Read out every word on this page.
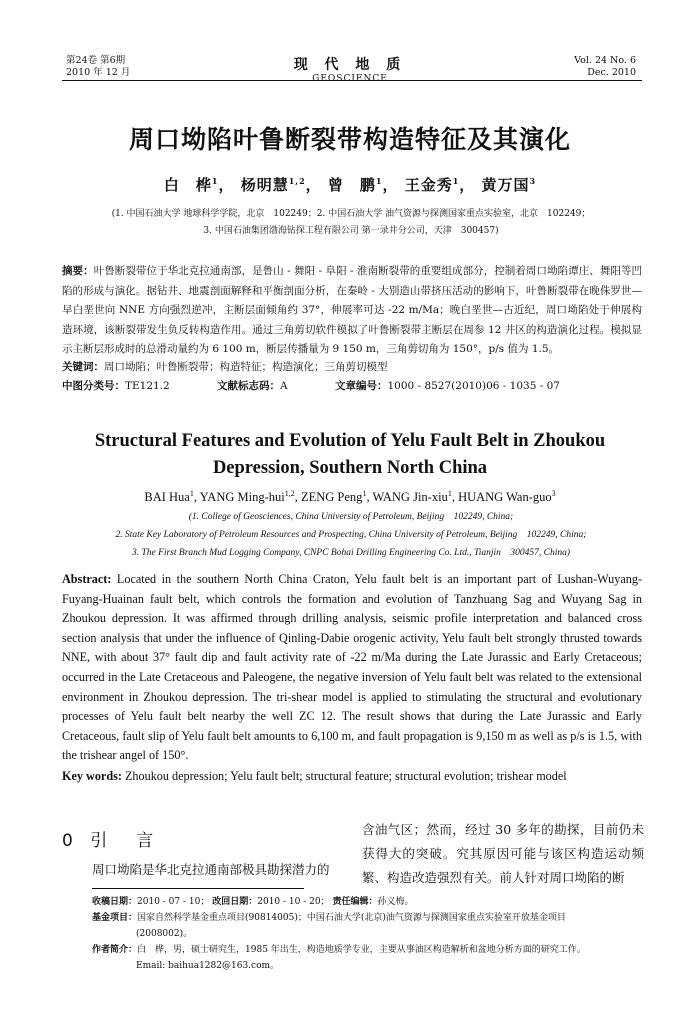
第24卷 第6期
2010 年 12 月	现 代 地 质
GEOSCIENCE
Vol. 24 No. 6
Dec. 2010
周口坳陷叶鲁断裂带构造特征及其演化
白　桦$^1$， 杨明慧$^{1,2}$， 曾　鹏$^1$， 王金秀$^1$， 黄万国$^3$
(1. 中国石油大学 地球科学学院，北京　102249；2. 中国石油大学 油气资源与探测国家重点实验室，北京　102249；
3. 中国石油集团渤海钻探工程有限公司 第一录井分公司，天津　300457)
摘要：叶鲁断裂带位于华北克拉通南部，是鲁山 - 舞阳 - 阜阳 - 淮南断裂带的重要组成部分，控制着周口坳陷谭庄、舞阳等凹陷的形成与演化。据钻井、地震剖面解释和平衡剖面分析，在秦岭 - 大别造山带挤压活动的影响下，叶鲁断裂带在晚侏罗世—早白垩世向 NNE 方向强烈逆冲，主断层面倾角约 37°，伸展率可达 -22 m/Ma；晚白垩世—古近纪，周口坳陷处于伸展构造环境，该断裂带发生负反转构造作用。通过三角剪切软件模拟了叶鲁断裂带主断层在周参 12 井区的构造演化过程。模拟显示主断层形成时的总滑动量约为 6 100 m，断层传播量为 9 150 m，三角剪切角为 150°，p/s 值为 1.5。
关键词：周口坳陷；叶鲁断裂带；构造特征；构造演化；三角剪切模型
中图分类号：TE121.2	文献标志码：A	文章编号：1000 - 8527(2010)06 - 1035 - 07
Structural Features and Evolution of Yelu Fault Belt in Zhoukou
Depression, Southern North China
BAI Hua$^1$, YANG Ming-hui$^{1,2}$, ZENG Peng$^1$, WANG Jin-xiu$^1$, HUANG Wan-guo$^3$
(1. College of Geosciences, China University of Petroleum, Beijing　102249, China;
2. State Key Laboratory of Petroleum Resources and Prospecting, China University of Petroleum, Beijing　102249, China;
3. The First Branch Mud Logging Company, CNPC Bohai Drilling Engineering Co. Ltd., Tianjin　300457, China)
Abstract: Located in the southern North China Craton, Yelu fault belt is an important part of Lushan-Wuyang-Fuyang-Huainan fault belt, which controls the formation and evolution of Tanzhuang Sag and Wuyang Sag in Zhoukou depression. It was affirmed through drilling analysis, seismic profile interpretation and balanced cross section analysis that under the influence of Qinling-Dabie orogenic activity, Yelu fault belt strongly thrusted towards NNE, with about 37° fault dip and fault activity rate of -22 m/Ma during the Late Jurassic and Early Cretaceous; occurred in the Late Cretaceous and Paleogene, the negative inversion of Yelu fault belt was related to the extensional environment in Zhoukou depression. The tri-shear model is applied to stimulating the structural and evolutionary processes of Yelu fault belt nearby the well ZC 12. The result shows that during the Late Jurassic and Early Cretaceous, fault slip of Yelu fault belt amounts to 6,100 m, and fault propagation is 9,150 m as well as p/s is 1.5, with the trishear angel of 150°.
Key words: Zhoukou depression; Yelu fault belt; structural feature; structural evolution; trishear model
0 引　言
周口坳陷是华北克拉通南部极具勘探潜力的
含油气区；然而，经过 30 多年的勘探，目前仍未获得大的突破。究其原因可能与该区构造运动频繁、构造改造强烈有关。前人针对周口坳陷的断
收稿日期：2010 - 07 - 10； 改回日期：2010 - 10 - 20； 责任编辑：孙义梅。
基金项目：国家自然科学基金重点项目(90814005)；中国石油大学(北京)油气资源与探测国家重点实验室开放基金项目
(2008002)。
作者简介：白　桦，男，硕士研究生，1985 年出生，构造地质学专业，主要从事油区构造解析和盆地分析方面的研究工作。
Email: baihua1282@163.com。
